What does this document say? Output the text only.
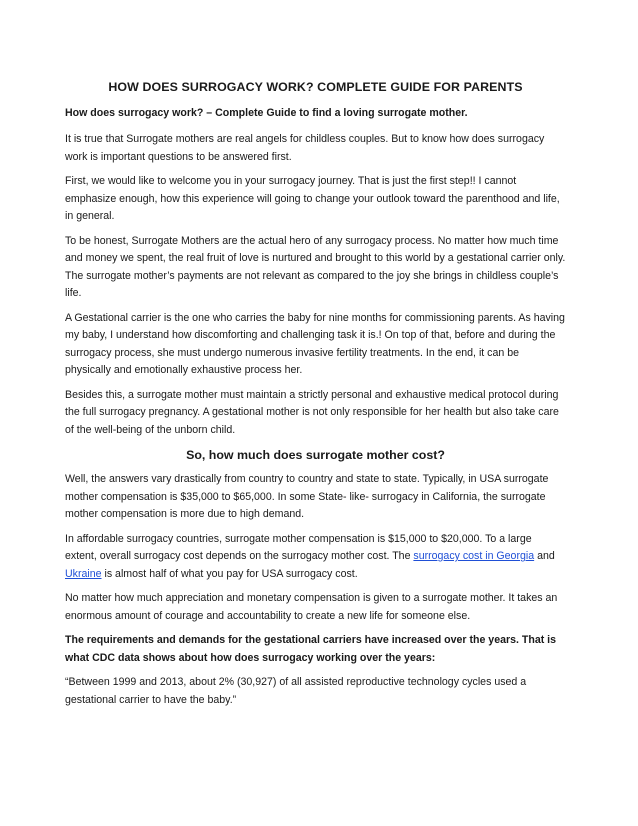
HOW DOES SURROGACY WORK? COMPLETE GUIDE FOR PARENTS
How does surrogacy work? – Complete Guide to find a loving surrogate mother.

It is true that Surrogate mothers are real angels for childless couples. But to know how does surrogacy work is important questions to be answered first.

First, we would like to welcome you in your surrogacy journey. That is just the first step!! I cannot emphasize enough, how this experience will going to change your outlook toward the parenthood and life, in general.

To be honest, Surrogate Mothers are the actual hero of any surrogacy process. No matter how much time and money we spent, the real fruit of love is nurtured and brought to this world by a gestational carrier only. The surrogate mother’s payments are not relevant as compared to the joy she brings in childless couple’s life.

A Gestational carrier is the one who carries the baby for nine months for commissioning parents. As having my baby, I understand how discomforting and challenging task it is.! On top of that, before and during the surrogacy process, she must undergo numerous invasive fertility treatments. In the end, it can be physically and emotionally exhaustive process her.

Besides this, a surrogate mother must maintain a strictly personal and exhaustive medical protocol during the full surrogacy pregnancy. A gestational mother is not only responsible for her health but also take care of the well-being of the unborn child.

So, how much does surrogate mother cost?

Well, the answers vary drastically from country to country and state to state. Typically, in USA surrogate mother compensation is $35,000 to $65,000. In some State- like- surrogacy in California, the surrogate mother compensation is more due to high demand.

In affordable surrogacy countries, surrogate mother compensation is $15,000 to $20,000. To a large extent, overall surrogacy cost depends on the surrogacy mother cost. The surrogacy cost in Georgia and Ukraine is almost half of what you pay for USA surrogacy cost.

No matter how much appreciation and monetary compensation is given to a surrogate mother. It takes an enormous amount of courage and accountability to create a new life for someone else.

The requirements and demands for the gestational carriers have increased over the years. That is what CDC data shows about how does surrogacy working over the years:

“Between 1999 and 2013, about 2% (30,927) of all assisted reproductive technology cycles used a gestational carrier to have the baby.”
